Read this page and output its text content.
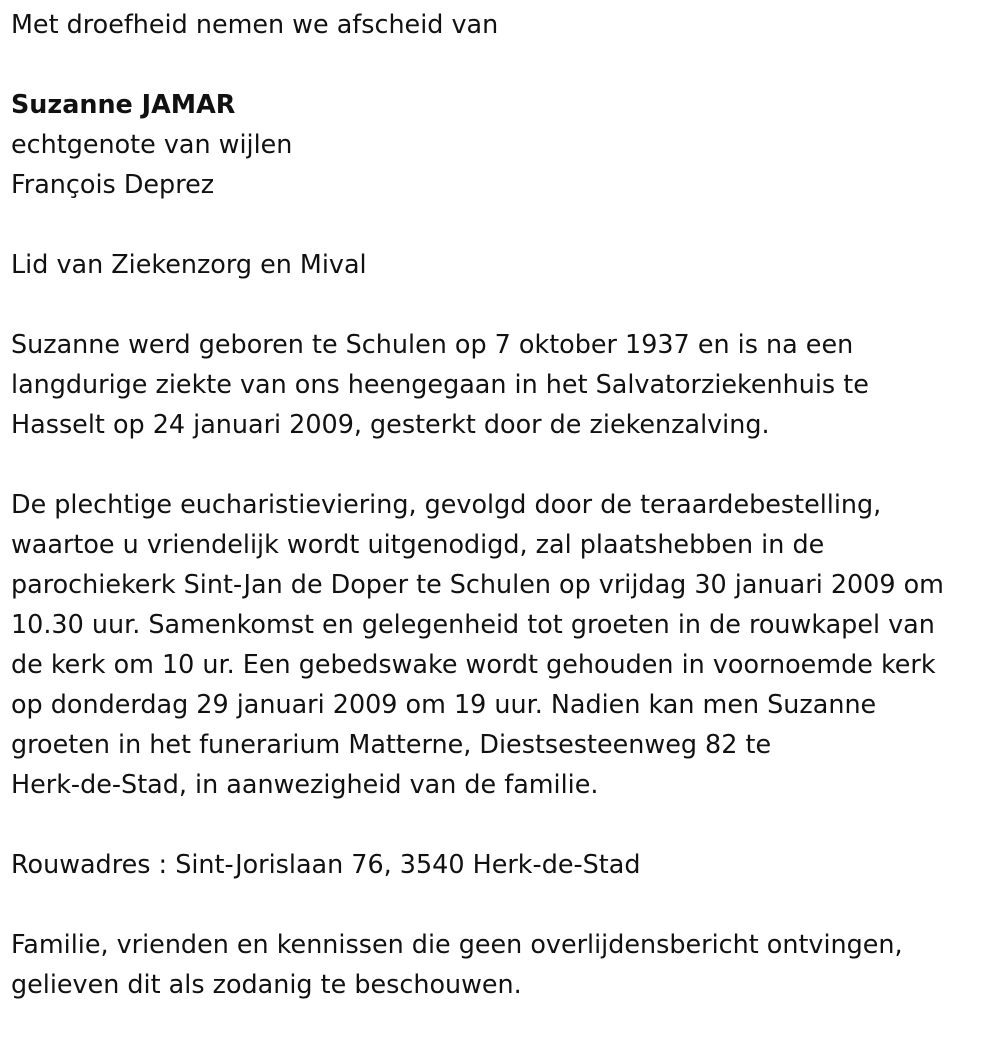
Met droefheid nemen we afscheid van
Suzanne JAMAR
echtgenote van wijlen
François Deprez
Lid van Ziekenzorg en Mival
Suzanne werd geboren te Schulen op 7 oktober 1937 en is na een
langdurige ziekte van ons heengegaan in het Salvatorziekenhuis te
Hasselt op 24 januari 2009, gesterkt door de ziekenzalving.
De plechtige eucharistieviering, gevolgd door de teraardebestelling,
waartoe u vriendelijk wordt uitgenodigd, zal plaatshebben in de
parochiekerk Sint-Jan de Doper te Schulen op vrijdag 30 januari 2009 om
10.30 uur. Samenkomst en gelegenheid tot groeten in de rouwkapel van
de kerk om 10 ur. Een gebedswake wordt gehouden in voornoemde kerk
op donderdag 29 januari 2009 om 19 uur. Nadien kan men Suzanne
groeten in het funerarium Matterne, Diestsesteenweg 82 te
Herk-de-Stad, in aanwezigheid van de familie.
Rouwadres : Sint-Jorislaan 76, 3540 Herk-de-Stad
Familie, vrienden en kennissen die geen overlijdensbericht ontvingen,
gelieven dit als zodanig te beschouwen.
